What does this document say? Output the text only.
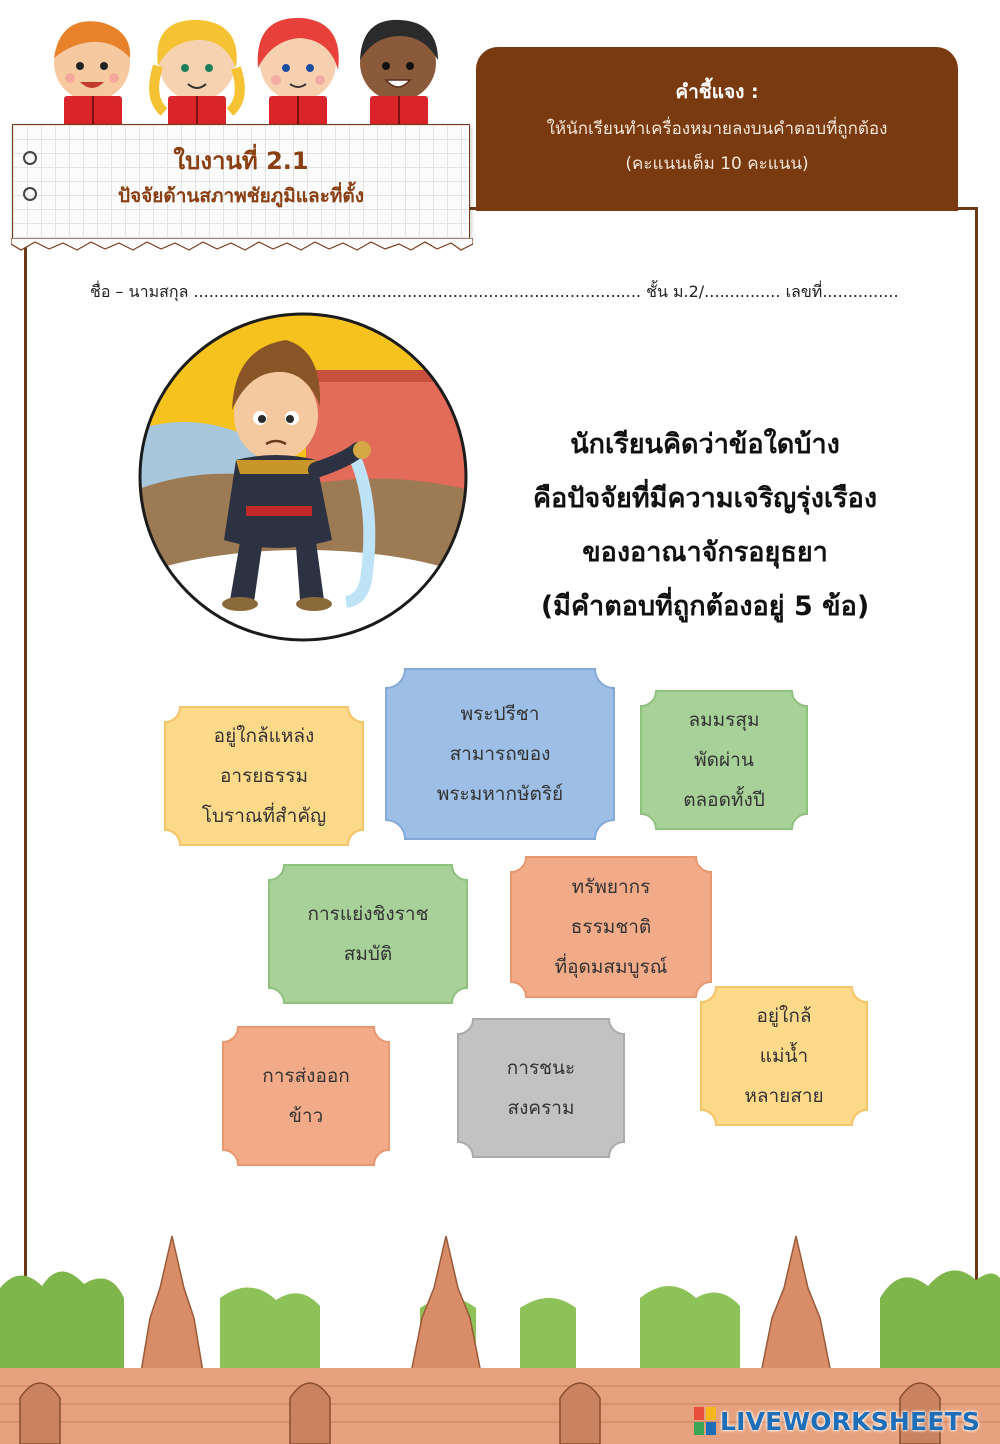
ใบงานที่ 2.1
ปัจจัยด้านสภาพชัยภูมิและที่ตั้ง
คำชี้แจง :
ให้นักเรียนทำเครื่องหมายลงบนคำตอบที่ถูกต้อง
(คะแนนเต็ม 10 คะแนน)
ชื่อ – นามสกุล ........................................................................................ ชั้น ม.2/............... เลขที่...............
นักเรียนคิดว่าข้อใดบ้าง
คือปัจจัยที่มีความเจริญรุ่งเรือง
ของอาณาจักรอยุธยา
(มีคำตอบที่ถูกต้องอยู่ 5 ข้อ)
อยู่ใกล้แหล่ง
อารยธรรม
โบราณที่สำคัญ
พระปรีชา
สามารถของ
พระมหากษัตริย์
ลมมรสุม
พัดผ่าน
ตลอดทั้งปี
การแย่งชิงราช
สมบัติ
ทรัพยากร
ธรรมชาติ
ที่อุดมสมบูรณ์
การส่งออก
ข้าว
การชนะ
สงคราม
อยู่ใกล้
แม่น้ำ
หลายสาย
LIVEWORKSHEETS
